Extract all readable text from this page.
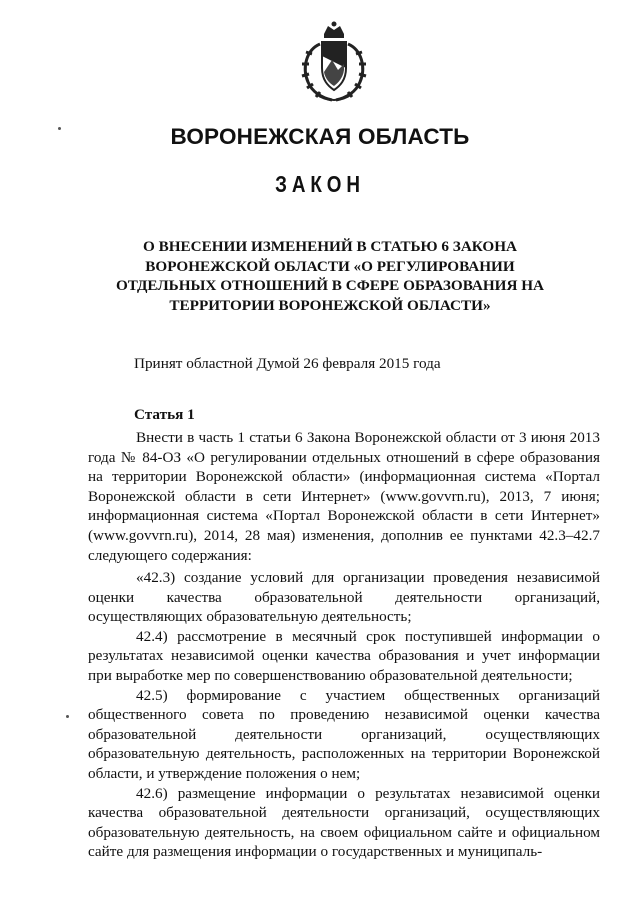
ВОРОНЕЖСКАЯ ОБЛАСТЬ
ЗАКОН
О ВНЕСЕНИИ ИЗМЕНЕНИЙ В СТАТЬЮ 6 ЗАКОНА ВОРОНЕЖСКОЙ ОБЛАСТИ «О РЕГУЛИРОВАНИИ ОТДЕЛЬНЫХ ОТНОШЕНИЙ В СФЕРЕ ОБРАЗОВАНИЯ НА ТЕРРИТОРИИ ВОРОНЕЖСКОЙ ОБЛАСТИ»
Принят областной Думой 26 февраля 2015 года
Статья 1

Внести в часть 1 статьи 6 Закона Воронежской области от 3 июня 2013 года № 84-ОЗ «О регулировании отдельных отношений в сфере образования на территории Воронежской области» (информационная система «Портал Воронежской области в сети Интернет» (www.govvrn.ru), 2013, 7 июня; информационная система «Портал Воронежской области в сети Интернет» (www.govvrn.ru), 2014, 28 мая) изменения, дополнив ее пунктами 42.3–42.7 следующего содержания:

«42.3) создание условий для организации проведения независимой оценки качества образовательной деятельности организаций, осуществляющих образовательную деятельность;

42.4) рассмотрение в месячный срок поступившей информации о результатах независимой оценки качества образования и учет информации при выработке мер по совершенствованию образовательной деятельности;

42.5) формирование с участием общественных организаций общественного совета по проведению независимой оценки качества образовательной деятельности организаций, осуществляющих образовательную деятельность, расположенных на территории Воронежской области, и утверждение положения о нем;

42.6) размещение информации о результатах независимой оценки качества образовательной деятельности организаций, осуществляющих образовательную деятельность, на своем официальном сайте и официальном сайте для размещения информации о государственных и муниципаль-
